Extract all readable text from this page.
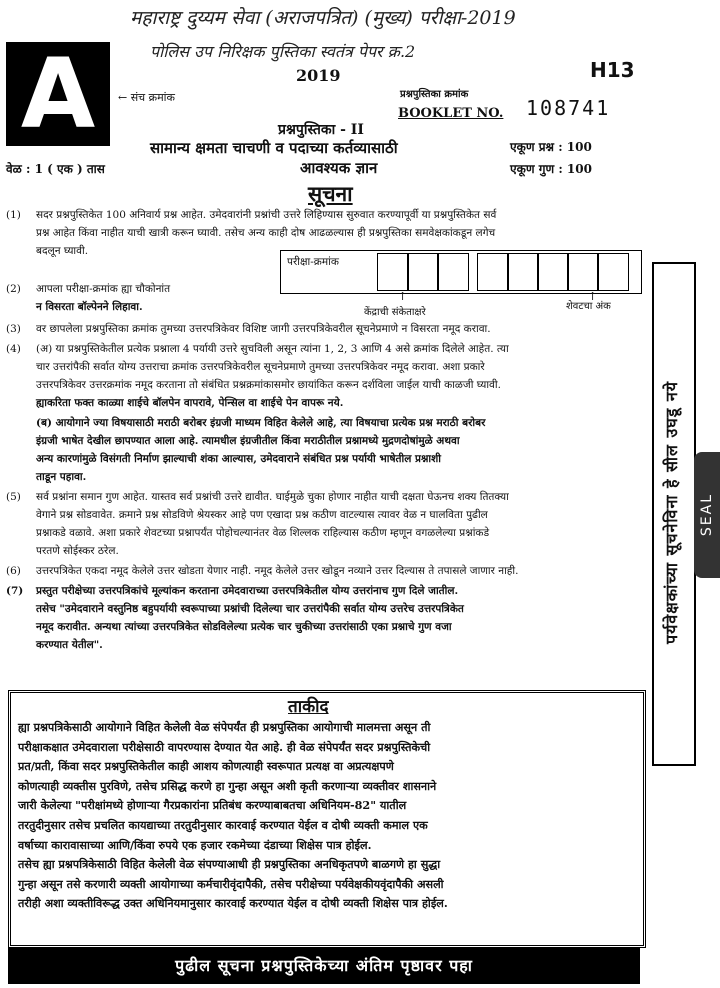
महाराष्ट्र दुय्यम सेवा (अराजपत्रित) (मुख्य) परीक्षा-2019
पोलिस उप निरिक्षक पुस्तिका स्वतंत्र पेपर क्र.2
A	← संच क्रमांक
2019	H13
प्रश्नपुस्तिका क्रमांक
BOOKLET NO. 108741
प्रश्नपुस्तिका - II
सामान्य क्षमता चाचणी व पदाच्या कर्तव्यासाठी
आवश्यक ज्ञान
एकूण प्रश्न : 100
एकूण गुण : 100
वेळ : 1 ( एक ) तास
सूचना
परीक्षा-क्रमांक
↑	↑
केंद्राची संकेताक्षरे
शेवटचा अंक
(1) सदर प्रश्नपुस्तिकेत 100 अनिवार्य प्रश्न आहेत. उमेदवारांनी प्रश्नांची उत्तरे लिहिण्यास सुरुवात करण्यापूर्वी या प्रश्नपुस्तिकेत सर्व

प्रश्न आहेत किंवा नाहीत याची खात्री करून घ्यावी. तसेच अन्य काही दोष आढळल्यास ही प्रश्नपुस्तिका समवेक्षकांकडून लगेच

बदलून घ्यावी.

(2) आपला परीक्षा-क्रमांक ह्या चौकोनांत

न विसरता बॉल्पेनने लिहावा.

(3) वर छापलेला प्रश्नपुस्तिका क्रमांक तुमच्या उत्तरपत्रिकेवर विशिष्ट जागी उत्तरपत्रिकेवरील सूचनेप्रमाणे न विसरता नमूद करावा.

(4) (अ) या प्रश्नपुस्तिकेतील प्रत्येक प्रश्नाला 4 पर्यायी उत्तरे सुचविली असून त्यांना 1, 2, 3 आणि 4 असे क्रमांक दिलेले आहेत. त्या

चार उत्तरांपैकी सर्वात योग्य उत्तराचा क्रमांक उत्तरपत्रिकेवरील सूचनेप्रमाणे तुमच्या उत्तरपत्रिकेवर नमूद करावा. अशा प्रकारे

उत्तरपत्रिकेवर उत्तरक्रमांक नमूद करताना तो संबंधित प्रश्नक्रमांकासमोर छायांकित करून दर्शविला जाईल याची काळजी घ्यावी.

ह्याकरिता फक्त काळ्या शाईचे बॉलपेन वापरावे, पेन्सिल वा शाईचे पेन वापरू नये.

(ब) आयोगाने ज्या विषयासाठी मराठी बरोबर इंग्रजी माध्यम विहित केलेले आहे, त्या विषयाचा प्रत्येक प्रश्न मराठी बरोबर

इंग्रजी भाषेत देखील छापण्यात आला आहे. त्यामधील इंग्रजीतील किंवा मराठीतील प्रश्नामध्ये मुद्रणदोषांमुळे अथवा

अन्य कारणांमुळे विसंगती निर्माण झाल्याची शंका आल्यास, उमेदवाराने संबंधित प्रश्न पर्यायी भाषेतील प्रश्नाशी

ताडून पहावा.

(5) सर्व प्रश्नांना समान गुण आहेत. यास्तव सर्व प्रश्नांची उत्तरे द्यावीत. घाईमुळे चुका होणार नाहीत याची दक्षता घेऊनच शक्य तितक्या

वेगाने प्रश्न सोडवावेत. क्रमाने प्रश्न सोडविणे श्रेयस्कर आहे पण एखादा प्रश्न कठीण वाटल्यास त्यावर वेळ न घालविता पुढील

प्रश्नाकडे वळावे. अशा प्रकारे शेवटच्या प्रश्नापर्यंत पोहोचल्यानंतर वेळ शिल्लक राहिल्यास कठीण म्हणून वगळलेल्या प्रश्नांकडे

परतणे सोईस्कर ठरेल.

(6) उत्तरपत्रिकेत एकदा नमूद केलेले उत्तर खोडता येणार नाही. नमूद केलेले उत्तर खोडून नव्याने उत्तर दिल्यास ते तपासले जाणार नाही.

(7) प्रस्तुत परीक्षेच्या उत्तरपत्रिकांचे मूल्यांकन करताना उमेदवाराच्या उत्तरपत्रिकेतील योग्य उत्तरांनाच गुण दिले जातील.

तसेच "उमेदवाराने वस्तुनिष्ठ बहुपर्यायी स्वरूपाच्या प्रश्नांची दिलेल्या चार उत्तरांपैकी सर्वात योग्य उत्तरेच उत्तरपत्रिकेत

नमूद करावीत. अन्यथा त्यांच्या उत्तरपत्रिकेत सोडविलेल्या प्रत्येक चार चुकीच्या उत्तरांसाठी एका प्रश्नाचे गुण वजा

करण्यात येतील".

पर्यवेक्षकांच्या सूचनेविना हे सील उघडू नये SEAL
ताकीद
ह्या प्रश्नपत्रिकेसाठी आयोगाने विहित केलेली वेळ संपेपर्यंत ही प्रश्नपुस्तिका आयोगाची मालमत्ता असून ती
परीक्षाकक्षात उमेदवाराला परीक्षेसाठी वापरण्यास देण्यात येत आहे. ही वेळ संपेपर्यंत सदर प्रश्नपुस्तिकेची
प्रत/प्रती, किंवा सदर प्रश्नपुस्तिकेतील काही आशय कोणत्याही स्वरूपात प्रत्यक्ष वा अप्रत्यक्षपणे
कोणत्याही व्यक्तीस पुरविणे, तसेच प्रसिद्ध करणे हा गुन्हा असून अशी कृती करणाऱ्या व्यक्तीवर शासनाने
जारी केलेल्या "परीक्षांमध्ये होणाऱ्या गैरप्रकारांना प्रतिबंध करण्याबाबतचा अधिनियम-82" यातील
तरतुदीनुसार तसेच प्रचलित कायद्याच्या तरतुदीनुसार कारवाई करण्यात येईल व दोषी व्यक्ती कमाल एक
वर्षाच्या कारावासाच्या आणि/किंवा रुपये एक हजार रकमेच्या दंडाच्या शिक्षेस पात्र होईल.
तसेच ह्या प्रश्नपत्रिकेसाठी विहित केलेली वेळ संपण्याआधी ही प्रश्नपुस्तिका अनधिकृतपणे बाळगणे हा सुद्धा
गुन्हा असून तसे करणारी व्यक्ती आयोगाच्या कर्मचारीवृंदापैकी, तसेच परीक्षेच्या पर्यवेक्षकीयवृंदापैकी असली
तरीही अशा व्यक्तीविरूद्ध उक्त अधिनियमानुसार कारवाई करण्यात येईल व दोषी व्यक्ती शिक्षेस पात्र होईल.
पुढील सूचना प्रश्नपुस्तिकेच्या अंतिम पृष्ठावर पहा
